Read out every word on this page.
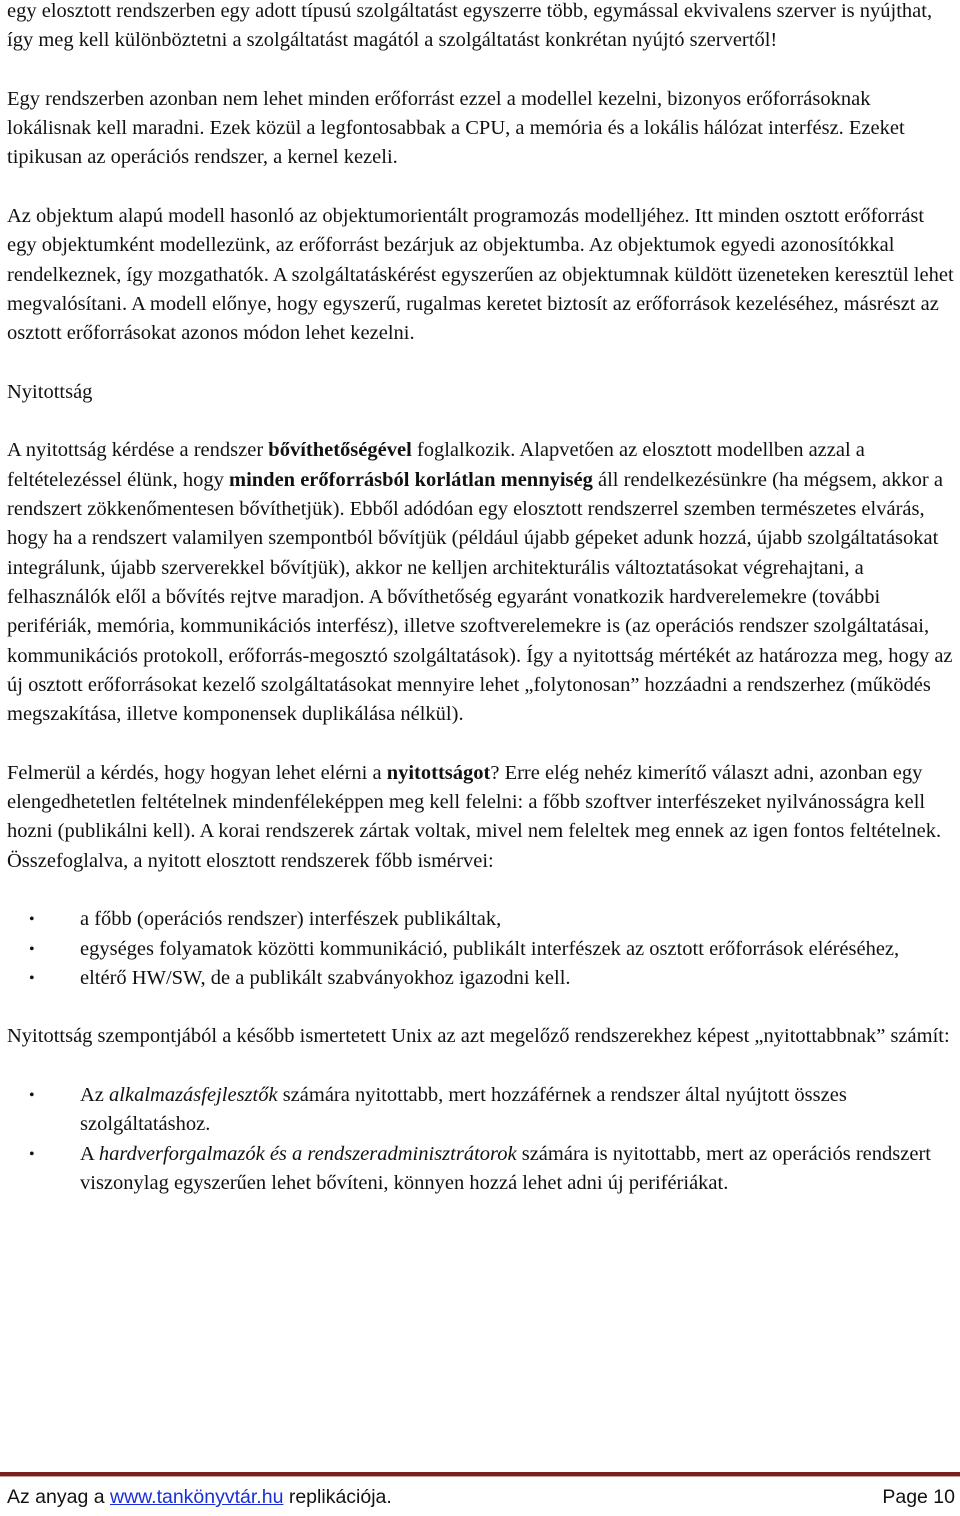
egy elosztott rendszerben egy adott típusú szolgáltatást egyszerre több, egymással ekvivalens szerver is nyújthat, így meg kell különböztetni a szolgáltatást magától a szolgáltatást konkrétan nyújtó szervertől!

Egy rendszerben azonban nem lehet minden erőforrást ezzel a modellel kezelni, bizonyos erőforrásoknak lokálisnak kell maradni. Ezek közül a legfontosabbak a CPU, a memória és a lokális hálózat interfész. Ezeket tipikusan az operációs rendszer, a kernel kezeli.

Az objektum alapú modell hasonló az objektumorientált programozás modelljéhez. Itt minden osztott erőforrást egy objektumként modellezünk, az erőforrást bezárjuk az objektumba. Az objektumok egyedi azonosítókkal rendelkeznek, így mozgathatók. A szolgáltatáskérést egyszerűen az objektumnak küldött üzeneteken keresztül lehet megvalósítani. A modell előnye, hogy egyszerű, rugalmas keretet biztosít az erőforrások kezeléséhez, másrészt az osztott erőforrásokat azonos módon lehet kezelni.

Nyitottság

A nyitottság kérdése a rendszer bővíthetőségével foglalkozik. Alapvetően az elosztott modellben azzal a feltételezéssel élünk, hogy minden erőforrásból korlátlan mennyiség áll rendelkezésünkre (ha mégsem, akkor a rendszert zökkenőmentesen bővíthetjük). Ebből adódóan egy elosztott rendszerrel szemben természetes elvárás, hogy ha a rendszert valamilyen szempontból bővítjük (például újabb gépeket adunk hozzá, újabb szolgáltatásokat integrálunk, újabb szerverekkel bővítjük), akkor ne kelljen architekturális változtatásokat végrehajtani, a felhasználók elől a bővítés rejtve maradjon. A bővíthetőség egyaránt vonatkozik hardverelemekre (további perifériák, memória, kommunikációs interfész), illetve szoftverelemekre is (az operációs rendszer szolgáltatásai, kommunikációs protokoll, erőforrás-megosztó szolgáltatások). Így a nyitottság mértékét az határozza meg, hogy az új osztott erőforrásokat kezelő szolgáltatásokat mennyire lehet „folytonosan” hozzáadni a rendszerhez (működés megszakítása, illetve komponensek duplikálása nélkül).

Felmerül a kérdés, hogy hogyan lehet elérni a nyitottságot? Erre elég nehéz kimerítő választ adni, azonban egy elengedhetetlen feltételnek mindenféleképpen meg kell felelni: a főbb szoftver interfészeket nyilvánosságra kell hozni (publikálni kell). A korai rendszerek zártak voltak, mivel nem feleltek meg ennek az igen fontos feltételnek. Összefoglalva, a nyitott elosztott rendszerek főbb ismérvei:

• a főbb (operációs rendszer) interfészek publikáltak,
• egységes folyamatok közötti kommunikáció, publikált interfészek az osztott erőforrások eléréséhez,
• eltérő HW/SW, de a publikált szabványokhoz igazodni kell.

Nyitottság szempontjából a később ismertetett Unix az azt megelőző rendszerekhez képest „nyitottabbnak” számít:

• Az alkalmazásfejlesztők számára nyitottabb, mert hozzáférnek a rendszer által nyújtott összes szolgáltatáshoz.
• A hardverforgalmazók és a rendszeradminisztrátorok számára is nyitottabb, mert az operációs rendszert viszonylag egyszerűen lehet bővíteni, könnyen hozzá lehet adni új perifériákat.
Az anyag a www.tankönyvtár.hu replikációja.	Page 10
